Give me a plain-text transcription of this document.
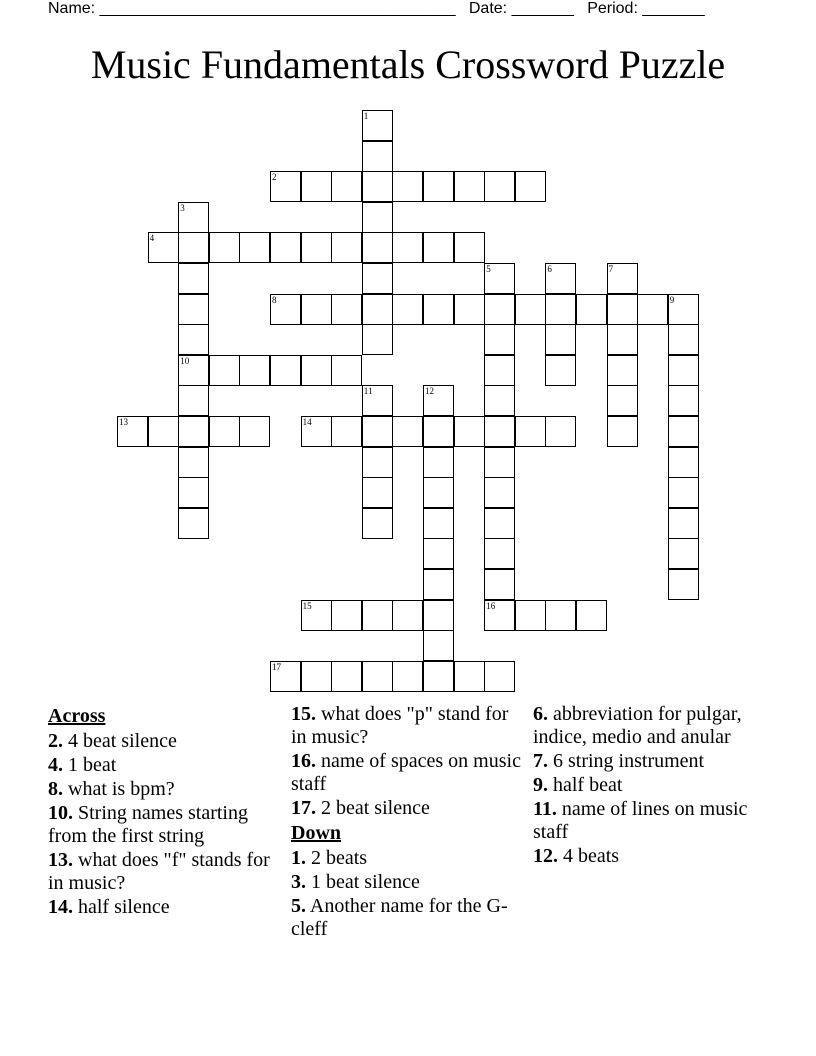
Name: ________________________________________ Date: _______ Period: _______
Music Fundamentals Crossword Puzzle
1
2
3
10
4
5	6	7
8	9
11	12
13	14
15	16
17
Across
2. 4 beat silence
4. 1 beat
8. what is bpm?
10. String names starting from the first string
13. what does "f" stands for in music?
14. half silence
15. what does "p" stand for in music?
16. name of spaces on music staff
17. 2 beat silence
Down
1. 2 beats
3. 1 beat silence
5. Another name for the G-cleff
6. abbreviation for pulgar, indice, medio and anular
7. 6 string instrument
9. half beat
11. name of lines on music staff
12. 4 beats
